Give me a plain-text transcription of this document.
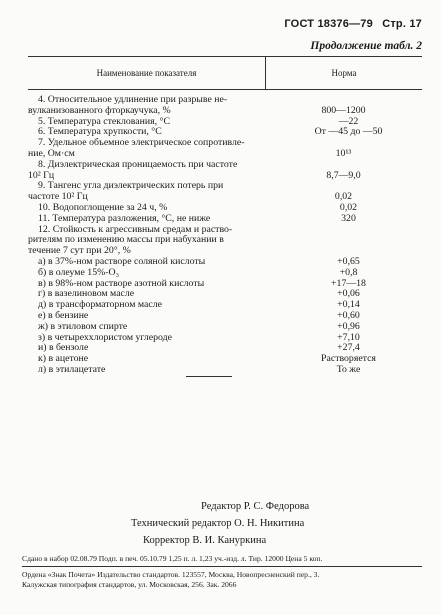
ГОСТ 18376—79 Стр. 17
Продолжение табл. 2
Наименование показателя	Норма
4. Относительное удлинение при разрыве не-
вулканизованного фторкаучука, %	800—1200
5. Температура стеклования, °С	—22
6. Температура хрупкости, °С	От —45 до —50
7. Удельное объемное электрическое сопротивле-
ние, Ом·см	10¹³
8. Диэлектрическая проницаемость при частоте
10² Гц	8,7—9,0
9. Тангенс угла диэлектрических потерь при
частоте 10² Гц	0,02
10. Водопоглощение за 24 ч, %	0,02
11. Температура разложения, °С, не ниже	320
12. Стойкость к агрессивным средам и раство-
рителям по изменению массы при набухании в
течение 7 сут при 20°, %
а) в 37%-ном растворе соляной кислоты	+0,65
б) в олеуме 15%-O₃	+0,8
в) в 98%-ном растворе азотной кислоты	+17—18
г) в вазелиновом масле	+0,06
д) в трансформаторном масле	+0,14
е) в бензине	+0,60
ж) в этиловом спирте	+0,96
з) в четыреххлористом углероде	+7,10
и) в бензоле	+27,4
к) в ацетоне	Растворяется
л) в этилацетате	То же
Редактор Р. С. Федорова
Технический редактор О. Н. Никитина
Корректор В. И. Кануркина
Сдано в набор 02.08.79 Подп. в печ. 05.10.79 1,25 п. л. 1,23 уч.-изд. л. Тир. 12000 Цена 5 коп.
Ордена «Знак Почета» Издательство стандартов. 123557, Москва, Новопресненский пер., 3.
Калужская типография стандартов, ул. Московская, 256. Зак. 2066
